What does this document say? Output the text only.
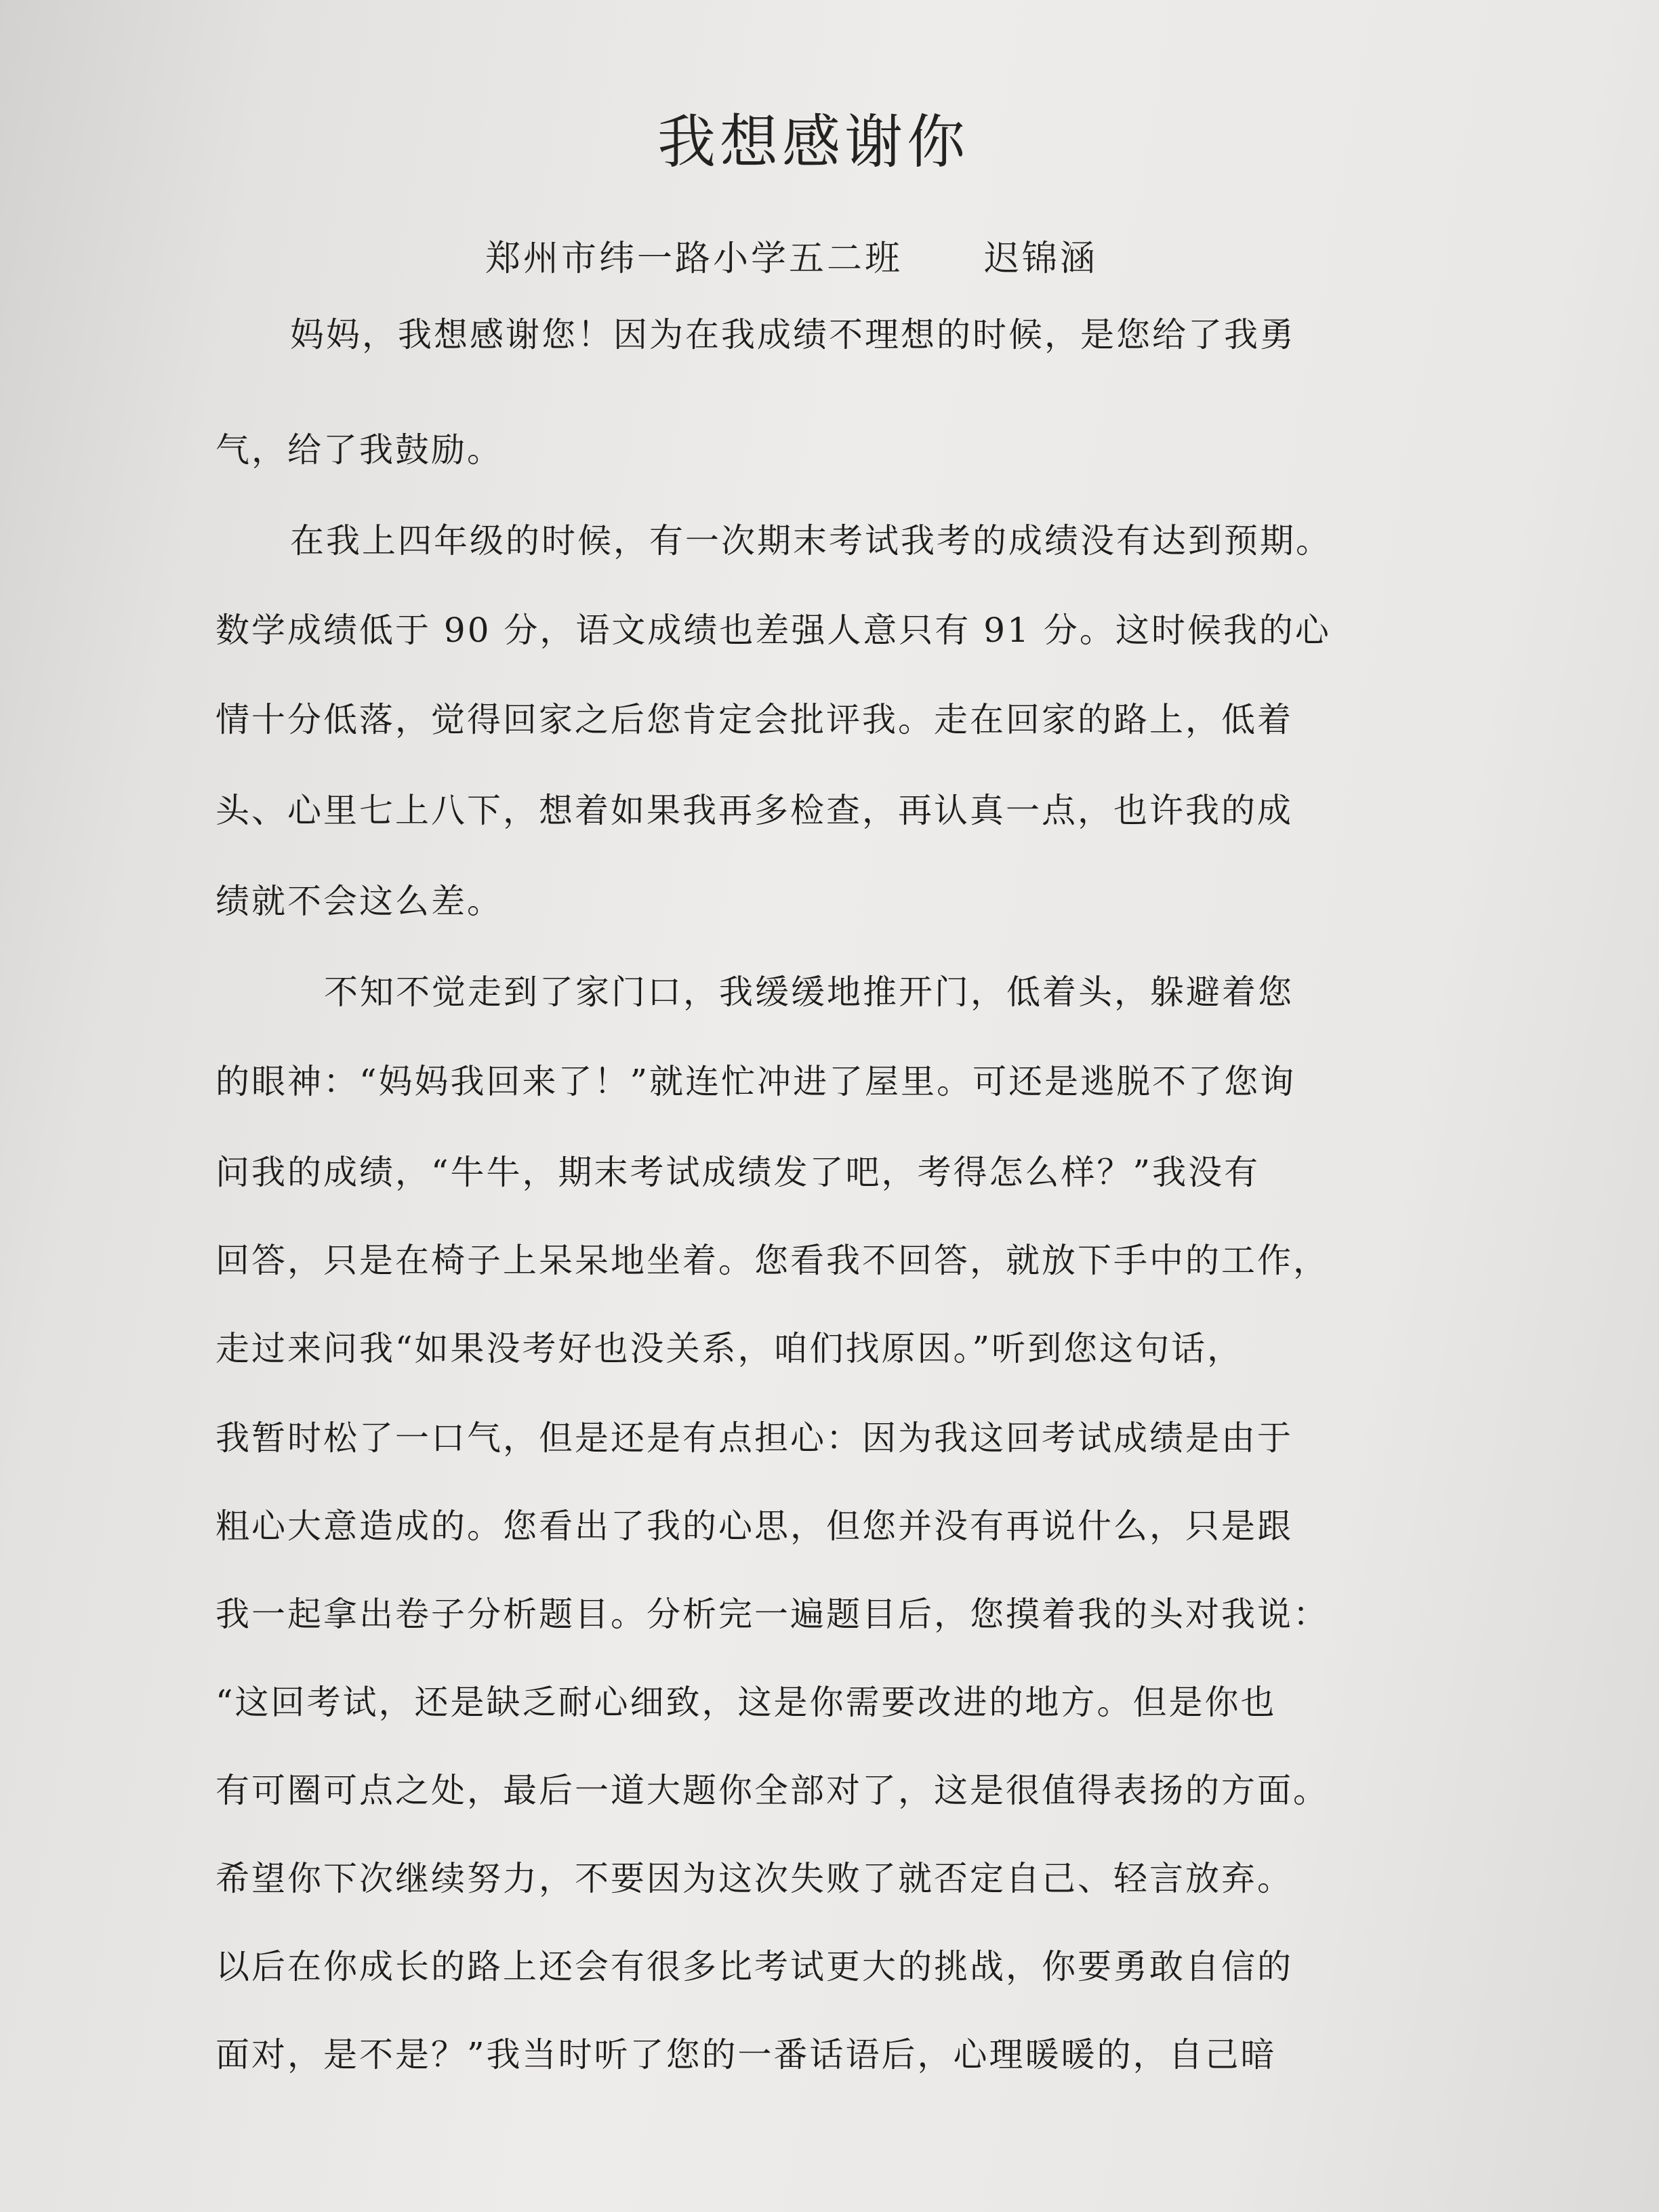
我想感谢你
郑州市纬一路小学五二班 迟锦涵
妈妈，我想感谢您！因为在我成绩不理想的时候，是您给了我勇
气，给了我鼓励。
在我上四年级的时候，有一次期末考试我考的成绩没有达到预期。
数学成绩低于 90 分，语文成绩也差强人意只有 91 分。这时候我的心
情十分低落，觉得回家之后您肯定会批评我。走在回家的路上，低着
头、心里七上八下，想着如果我再多检查，再认真一点，也许我的成
绩就不会这么差。
不知不觉走到了家门口，我缓缓地推开门，低着头，躲避着您
的眼神：“妈妈我回来了！”就连忙冲进了屋里。可还是逃脱不了您询
问我的成绩，“牛牛，期末考试成绩发了吧，考得怎么样？”我没有
回答，只是在椅子上呆呆地坐着。您看我不回答，就放下手中的工作，
走过来问我“如果没考好也没关系，咱们找原因。”听到您这句话，
我暂时松了一口气，但是还是有点担心：因为我这回考试成绩是由于
粗心大意造成的。您看出了我的心思，但您并没有再说什么，只是跟
我一起拿出卷子分析题目。分析完一遍题目后，您摸着我的头对我说：
“这回考试，还是缺乏耐心细致，这是你需要改进的地方。但是你也
有可圈可点之处，最后一道大题你全部对了，这是很值得表扬的方面。
希望你下次继续努力，不要因为这次失败了就否定自己、轻言放弃。
以后在你成长的路上还会有很多比考试更大的挑战，你要勇敢自信的
面对，是不是？”我当时听了您的一番话语后，心理暖暖的，自己暗
